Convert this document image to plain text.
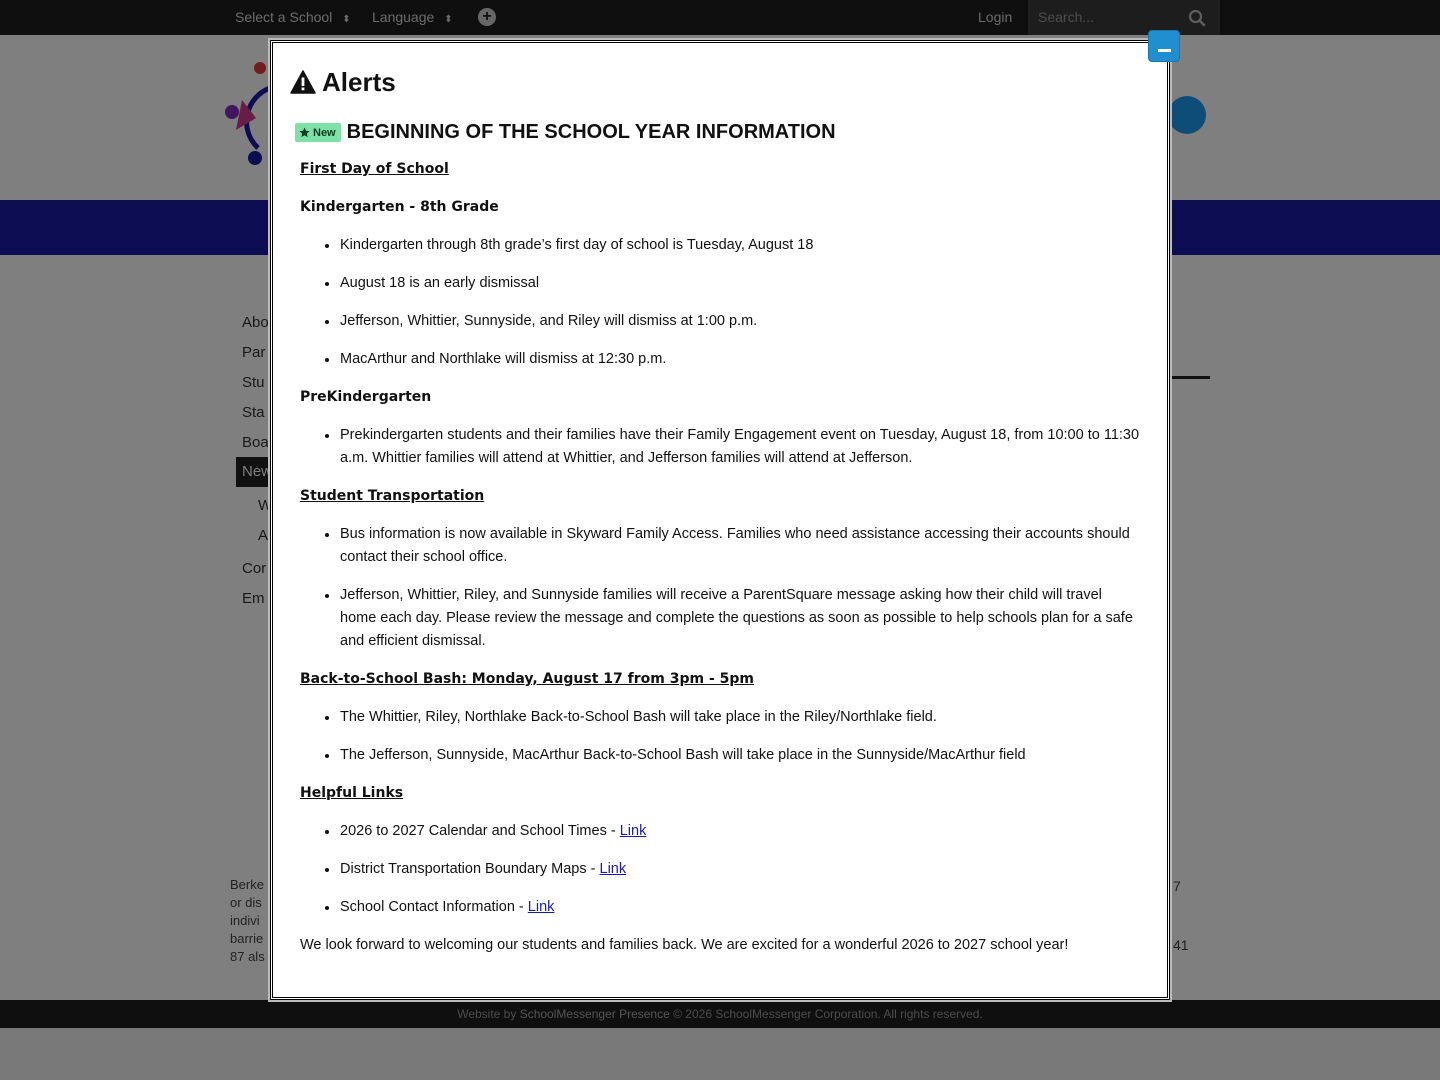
Search...
Alerts
New BEGINNING OF THE SCHOOL YEAR INFORMATION
First Day of School
Kindergarten - 8th Grade
Kindergarten through 8th grade’s first day of school is Tuesday, August 18
August 18 is an early dismissal
Jefferson, Whittier, Sunnyside, and Riley will dismiss at 1:00 p.m.
MacArthur and Northlake will dismiss at 12:30 p.m.
PreKindergarten
Prekindergarten students and their families have their Family Engagement event on Tuesday, August 18, from 10:00 to 11:30 a.m. Whittier families will attend at Whittier, and Jefferson families will attend at Jefferson.
Student Transportation
Bus information is now available in Skyward Family Access. Families who need assistance accessing their accounts should contact their school office.
Jefferson, Whittier, Riley, and Sunnyside families will receive a ParentSquare message asking how their child will travel home each day. Please review the message and complete the questions as soon as possible to help schools plan for a safe and efficient dismissal.
Back-to-School Bash: Monday, August 17 from 3pm - 5pm
The Whittier, Riley, Northlake Back-to-School Bash will take place in the Riley/Northlake field.
The Jefferson, Sunnyside, MacArthur Back-to-School Bash will take place in the Sunnyside/MacArthur field
Helpful Links
2026 to 2027 Calendar and School Times - Link
District Transportation Boundary Maps - Link
School Contact Information - Link
We look forward to welcoming our students and families back. We are excited for a wonderful 2026 to 2027 school year!
